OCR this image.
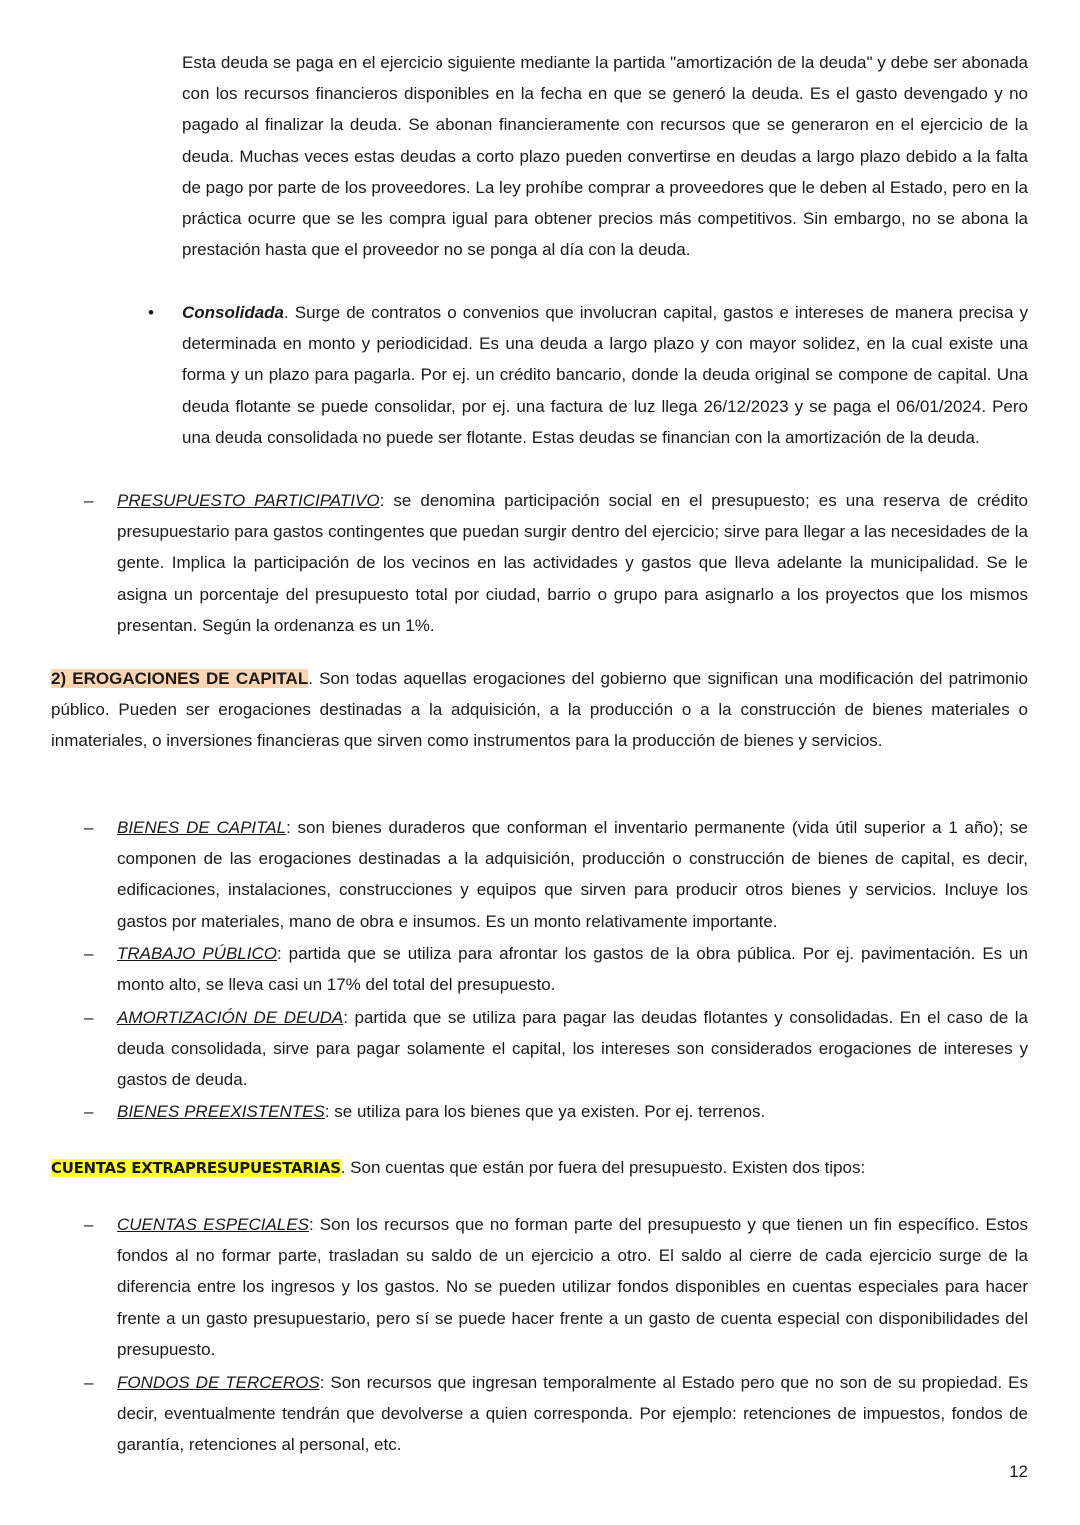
Esta deuda se paga en el ejercicio siguiente mediante la partida "amortización de la deuda" y debe ser abonada con los recursos financieros disponibles en la fecha en que se generó la deuda. Es el gasto devengado y no pagado al finalizar la deuda. Se abonan financieramente con recursos que se generaron en el ejercicio de la deuda. Muchas veces estas deudas a corto plazo pueden convertirse en deudas a largo plazo debido a la falta de pago por parte de los proveedores. La ley prohíbe comprar a proveedores que le deben al Estado, pero en la práctica ocurre que se les compra igual para obtener precios más competitivos. Sin embargo, no se abona la prestación hasta que el proveedor no se ponga al día con la deuda.

• Consolidada. Surge de contratos o convenios que involucran capital, gastos e intereses de manera precisa y determinada en monto y periodicidad. Es una deuda a largo plazo y con mayor solidez, en la cual existe una forma y un plazo para pagarla. Por ej. un crédito bancario, donde la deuda original se compone de capital. Una deuda flotante se puede consolidar, por ej. una factura de luz llega 26/12/2023 y se paga el 06/01/2024. Pero una deuda consolidada no puede ser flotante. Estas deudas se financian con la amortización de la deuda.

– PRESUPUESTO PARTICIPATIVO: se denomina participación social en el presupuesto; es una reserva de crédito presupuestario para gastos contingentes que puedan surgir dentro del ejercicio; sirve para llegar a las necesidades de la gente. Implica la participación de los vecinos en las actividades y gastos que lleva adelante la municipalidad. Se le asigna un porcentaje del presupuesto total por ciudad, barrio o grupo para asignarlo a los proyectos que los mismos presentan. Según la ordenanza es un 1%.

2) EROGACIONES DE CAPITAL. Son todas aquellas erogaciones del gobierno que significan una modificación del patrimonio público. Pueden ser erogaciones destinadas a la adquisición, a la producción o a la construcción de bienes materiales o inmateriales, o inversiones financieras que sirven como instrumentos para la producción de bienes y servicios.

– BIENES DE CAPITAL: son bienes duraderos que conforman el inventario permanente (vida útil superior a 1 año); se componen de las erogaciones destinadas a la adquisición, producción o construcción de bienes de capital, es decir, edificaciones, instalaciones, construcciones y equipos que sirven para producir otros bienes y servicios. Incluye los gastos por materiales, mano de obra e insumos. Es un monto relativamente importante.

– TRABAJO PÚBLICO: partida que se utiliza para afrontar los gastos de la obra pública. Por ej. pavimentación. Es un monto alto, se lleva casi un 17% del total del presupuesto.

– AMORTIZACIÓN DE DEUDA: partida que se utiliza para pagar las deudas flotantes y consolidadas. En el caso de la deuda consolidada, sirve para pagar solamente el capital, los intereses son considerados erogaciones de intereses y gastos de deuda.

– BIENES PREEXISTENTES: se utiliza para los bienes que ya existen. Por ej. terrenos.

CUENTAS EXTRAPRESUPUESTARIAS. Son cuentas que están por fuera del presupuesto. Existen dos tipos:

– CUENTAS ESPECIALES: Son los recursos que no forman parte del presupuesto y que tienen un fin específico. Estos fondos al no formar parte, trasladan su saldo de un ejercicio a otro. El saldo al cierre de cada ejercicio surge de la diferencia entre los ingresos y los gastos. No se pueden utilizar fondos disponibles en cuentas especiales para hacer frente a un gasto presupuestario, pero sí se puede hacer frente a un gasto de cuenta especial con disponibilidades del presupuesto.

– FONDOS DE TERCEROS: Son recursos que ingresan temporalmente al Estado pero que no son de su propiedad. Es decir, eventualmente tendrán que devolverse a quien corresponda. Por ejemplo: retenciones de impuestos, fondos de garantía, retenciones al personal, etc.

12
